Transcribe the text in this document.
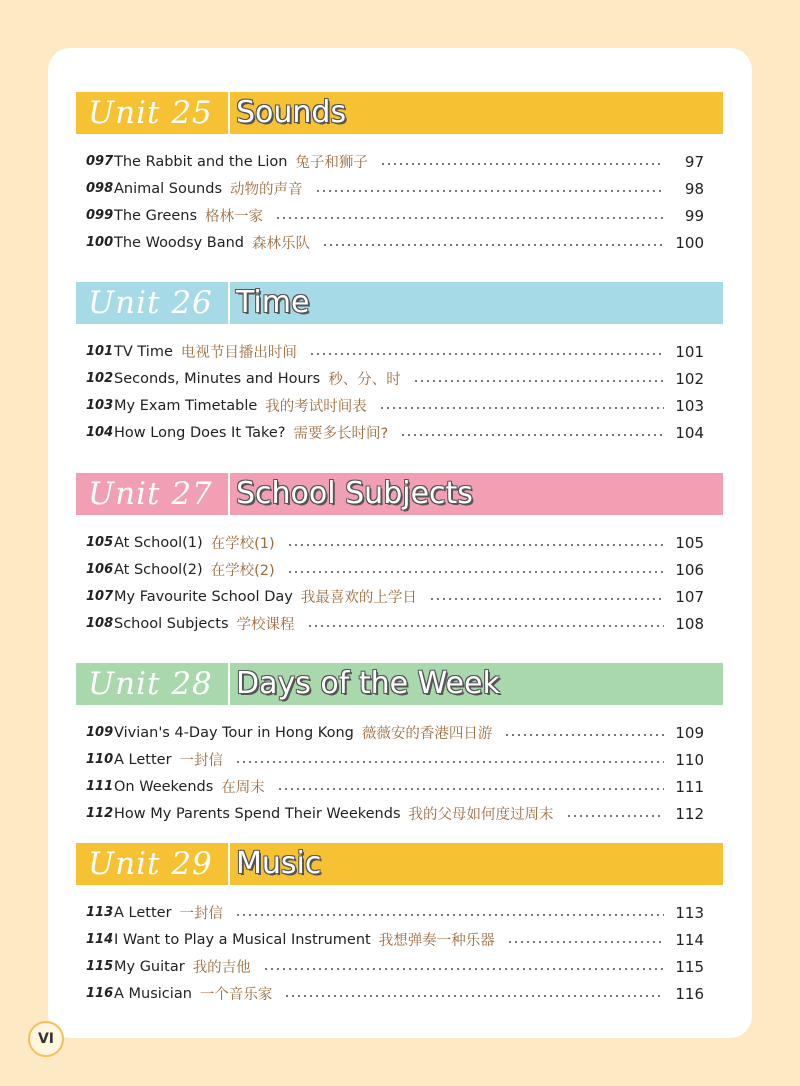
Unit 25 Sounds
097 The Rabbit and the Lion 兔子和狮子	97
098 Animal Sounds 动物的声音	98
099 The Greens 格林一家	99
100 The Woodsy Band 森林乐队	100
Unit 26 Time
101 TV Time 电视节目播出时间	101
102 Seconds, Minutes and Hours 秒、分、时	102
103 My Exam Timetable 我的考试时间表	103
104 How Long Does It Take? 需要多长时间?	104
Unit 27 School Subjects
105 At School(1) 在学校(1)	105
106 At School(2) 在学校(2)	106
107 My Favourite School Day 我最喜欢的上学日	107
108 School Subjects 学校课程	108
Unit 28 Days of the Week
109 Vivian's 4-Day Tour in Hong Kong 薇薇安的香港四日游	109
110 A Letter 一封信	110
111 On Weekends 在周末	111
112 How My Parents Spend Their Weekends 我的父母如何度过周末	112
Unit 29 Music
113 A Letter 一封信	113
114 I Want to Play a Musical Instrument 我想弹奏一种乐器	114
115 My Guitar 我的吉他	115
116 A Musician 一个音乐家	116
VI
